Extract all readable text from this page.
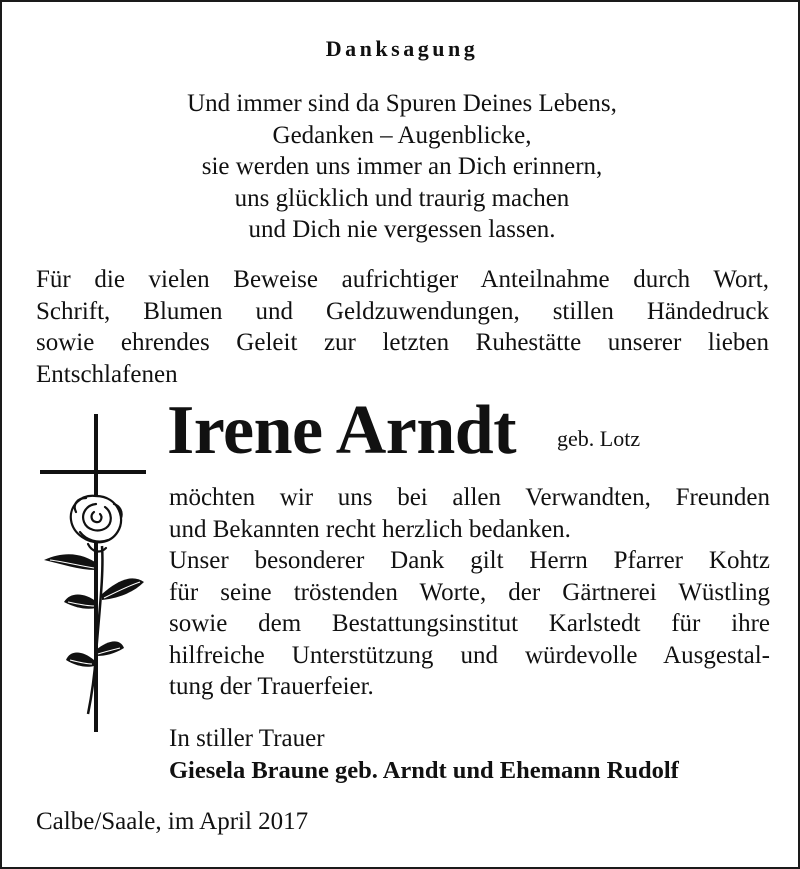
Danksagung
Und immer sind da Spuren Deines Lebens,
Gedanken – Augenblicke,
sie werden uns immer an Dich erinnern,
uns glücklich und traurig machen
und Dich nie vergessen lassen.
Für die vielen Beweise aufrichtiger Anteilnahme durch Wort,
Schrift, Blumen und Geldzuwendungen, stillen Händedruck
sowie ehrendes Geleit zur letzten Ruhestätte unserer lieben
Entschlafenen
Irene Arndt geb. Lotz
möchten wir uns bei allen Verwandten, Freunden
und Bekannten recht herzlich bedanken.
Unser besonderer Dank gilt Herrn Pfarrer Kohtz
für seine tröstenden Worte, der Gärtnerei Wüstling
sowie dem Bestattungsinstitut Karlstedt für ihre
hilfreiche Unterstützung und würdevolle Ausgestal-
tung der Trauerfeier.
In stiller Trauer
Giesela Braune geb. Arndt und Ehemann Rudolf
Calbe/Saale, im April 2017
